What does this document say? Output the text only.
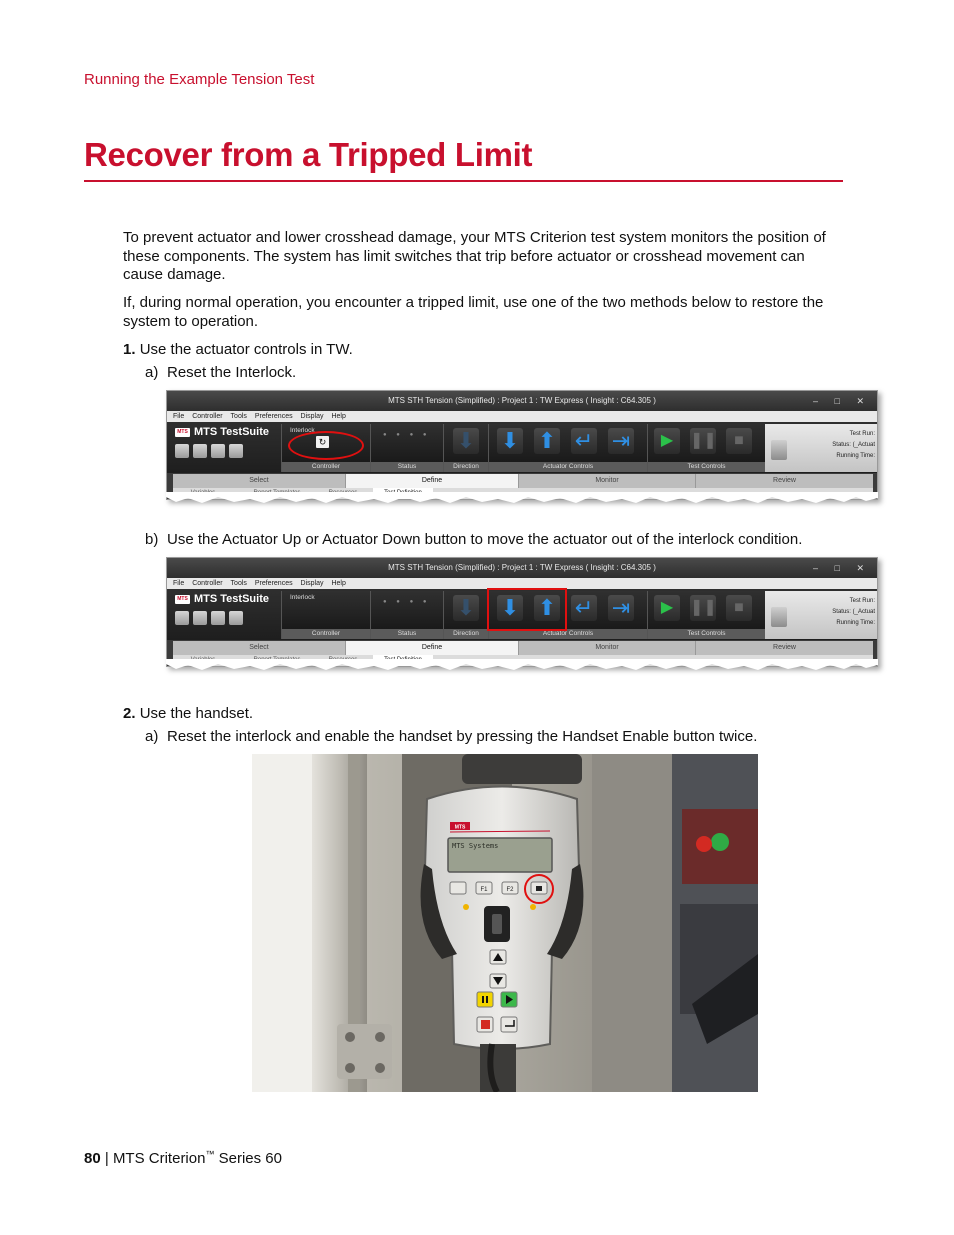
Running the Example Tension Test
Recover from a Tripped Limit

To prevent actuator and lower crosshead damage, your MTS Criterion test system monitors the position of these components. The system has limit switches that trip before actuator or crosshead movement can cause damage.

If, during normal operation, you encounter a tripped limit, use one of the two methods below to restore the system to operation.

1. Use the actuator controls in TW.
a) Reset the Interlock.
MTS STH Tension (Simplified) : Project 1 : TW Express ( Insight : C64.305 )	– □ ✕
File Controller Tools Preferences Display Help
MTS MTS TestSuite	Interlock
↻
Controller
● ● ● ●
Status
⬇
Direction
⬇ ⬆ ↵ ⇥
Actuator Controls
▶	❚❚	■
Test Controls
Test Run:
Status: (_Actuat
Running Time:
Select	Define	Monitor	Review
b) Use the Actuator Up or Actuator Down button to move the actuator out of the interlock condition.
MTS STH Tension (Simplified) : Project 1 : TW Express ( Insight : C64.305 )	– □ ✕
File Controller Tools Preferences Display Help
MTS MTS TestSuite	Interlock
Controller
● ● ● ●
Status
⬇
Direction
⬇ ⬆ ↵ ⇥
Actuator Controls
▶	❚❚	■
Test Controls
Test Run:
Status: (_Actuat
Running Time:
Select	Define	Monitor	Review
2. Use the handset.
a) Reset the interlock and enable the handset by pressing the Handset Enable button twice.
MTS
MTS Systems
F1	F2
80 | MTS Criterion™ Series 60
